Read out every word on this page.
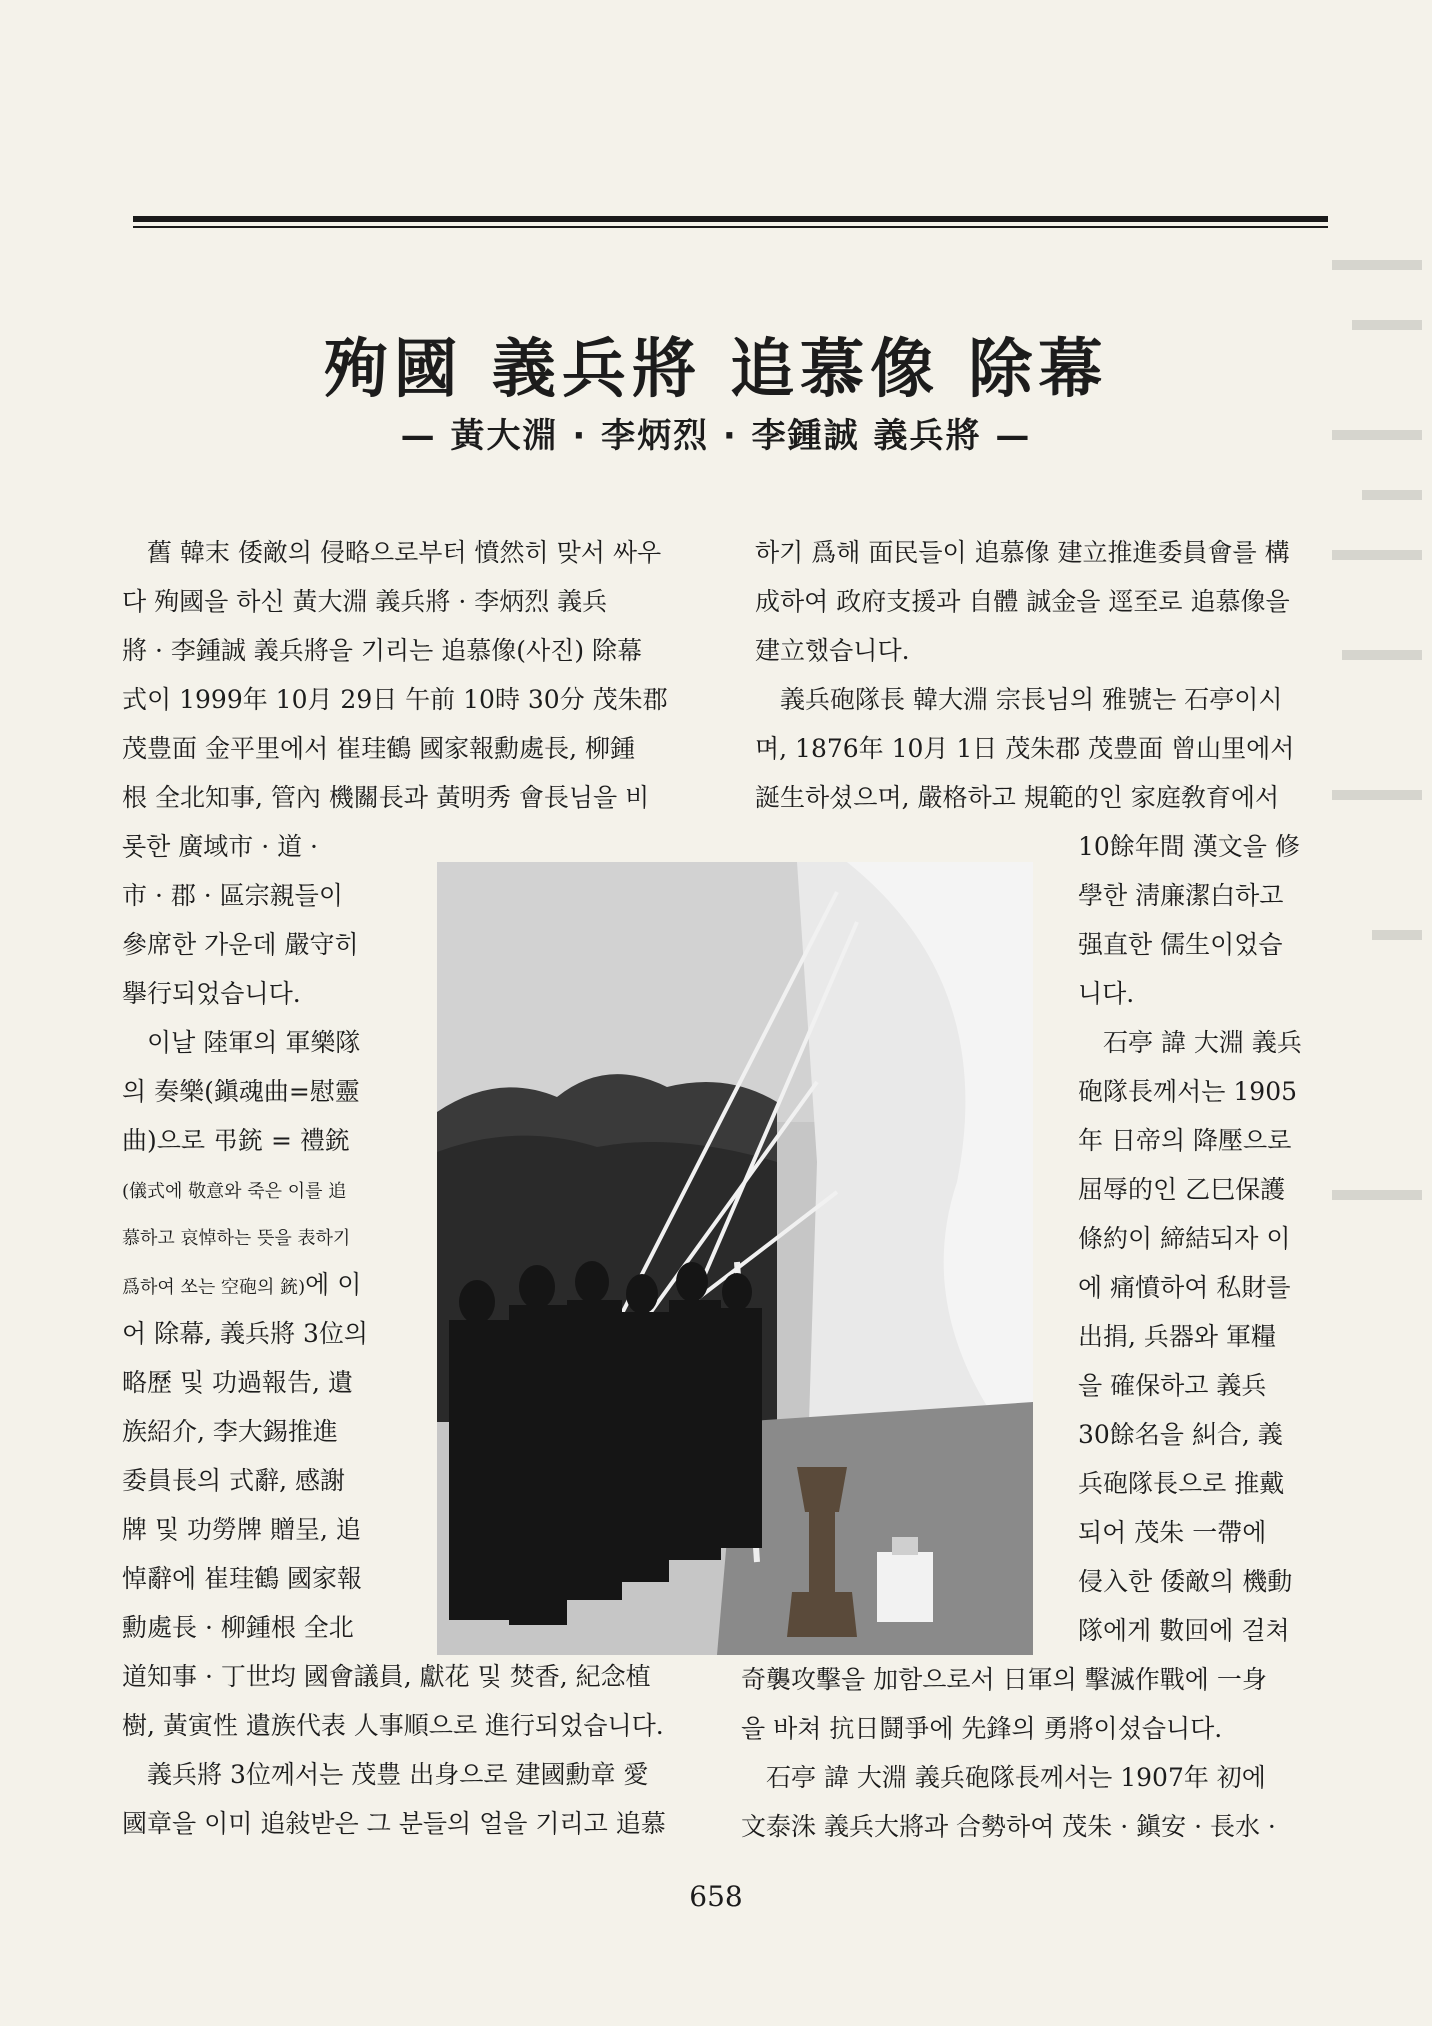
殉國 義兵將 追慕像 除幕
— 黃大淵 · 李炳烈 · 李鍾誠 義兵將 —

舊 韓末 倭敵의 侵略으로부터 憤然히 맞서 싸우

다 殉國을 하신 黃大淵 義兵將 · 李炳烈 義兵

將 · 李鍾誠 義兵將을 기리는 追慕像(사진) 除幕

式이 1999年 10月 29日 午前 10時 30分 茂朱郡

茂豊面 金平里에서 崔珪鶴 國家報勳處長, 柳鍾

根 全北知事, 管內 機關長과 黃明秀 會長님을 비

롯한 廣域市 · 道 ·

市 · 郡 · 區宗親들이

參席한 가운데 嚴守히

擧行되었습니다.

이날 陸軍의 軍樂隊

의 奏樂(鎭魂曲=慰靈

曲)으로 弔銃 = 禮銃

(儀式에 敬意와 죽은 이를 追

慕하고 哀悼하는 뜻을 表하기

爲하여 쏘는 空砲의 銃)에 이

어 除幕, 義兵將 3位의

略歷 및 功過報告, 遺

族紹介, 李大錫推進

委員長의 式辭, 感謝

牌 및 功勞牌 贈呈, 追

悼辭에 崔珪鶴 國家報

勳處長 · 柳鍾根 全北

道知事 · 丁世均 國會議員, 獻花 및 焚香, 紀念植

樹, 黃寅性 遺族代表 人事順으로 進行되었습니다.

義兵將 3位께서는 茂豊 出身으로 建國勳章 愛

國章을 이미 追敍받은 그 분들의 얼을 기리고 追慕

하기 爲해 面民들이 追慕像 建立推進委員會를 構

成하여 政府支援과 自體 誠金을 逕至로 追慕像을

建立했습니다.

義兵砲隊長 韓大淵 宗長님의 雅號는 石亭이시

며, 1876年 10月 1日 茂朱郡 茂豊面 曾山里에서

誕生하셨으며, 嚴格하고 規範的인 家庭敎育에서

10餘年間 漢文을 修

學한 淸廉潔白하고

强直한 儒生이었습

니다.

石亭 諱 大淵 義兵

砲隊長께서는 1905

年 日帝의 降壓으로

屈辱的인 乙巳保護

條約이 締結되자 이

에 痛憤하여 私財를

出捐, 兵器와 軍糧

을 確保하고 義兵

30餘名을 糾合, 義

兵砲隊長으로 推戴

되어 茂朱 一帶에

侵入한 倭敵의 機動

隊에게 數回에 걸쳐

奇襲攻擊을 加함으로서 日軍의 擊滅作戰에 一身

을 바쳐 抗日鬪爭에 先鋒의 勇將이셨습니다.

石亭 諱 大淵 義兵砲隊長께서는 1907年 初에

文泰洙 義兵大將과 合勢하여 茂朱 · 鎭安 · 長水 ·

658
